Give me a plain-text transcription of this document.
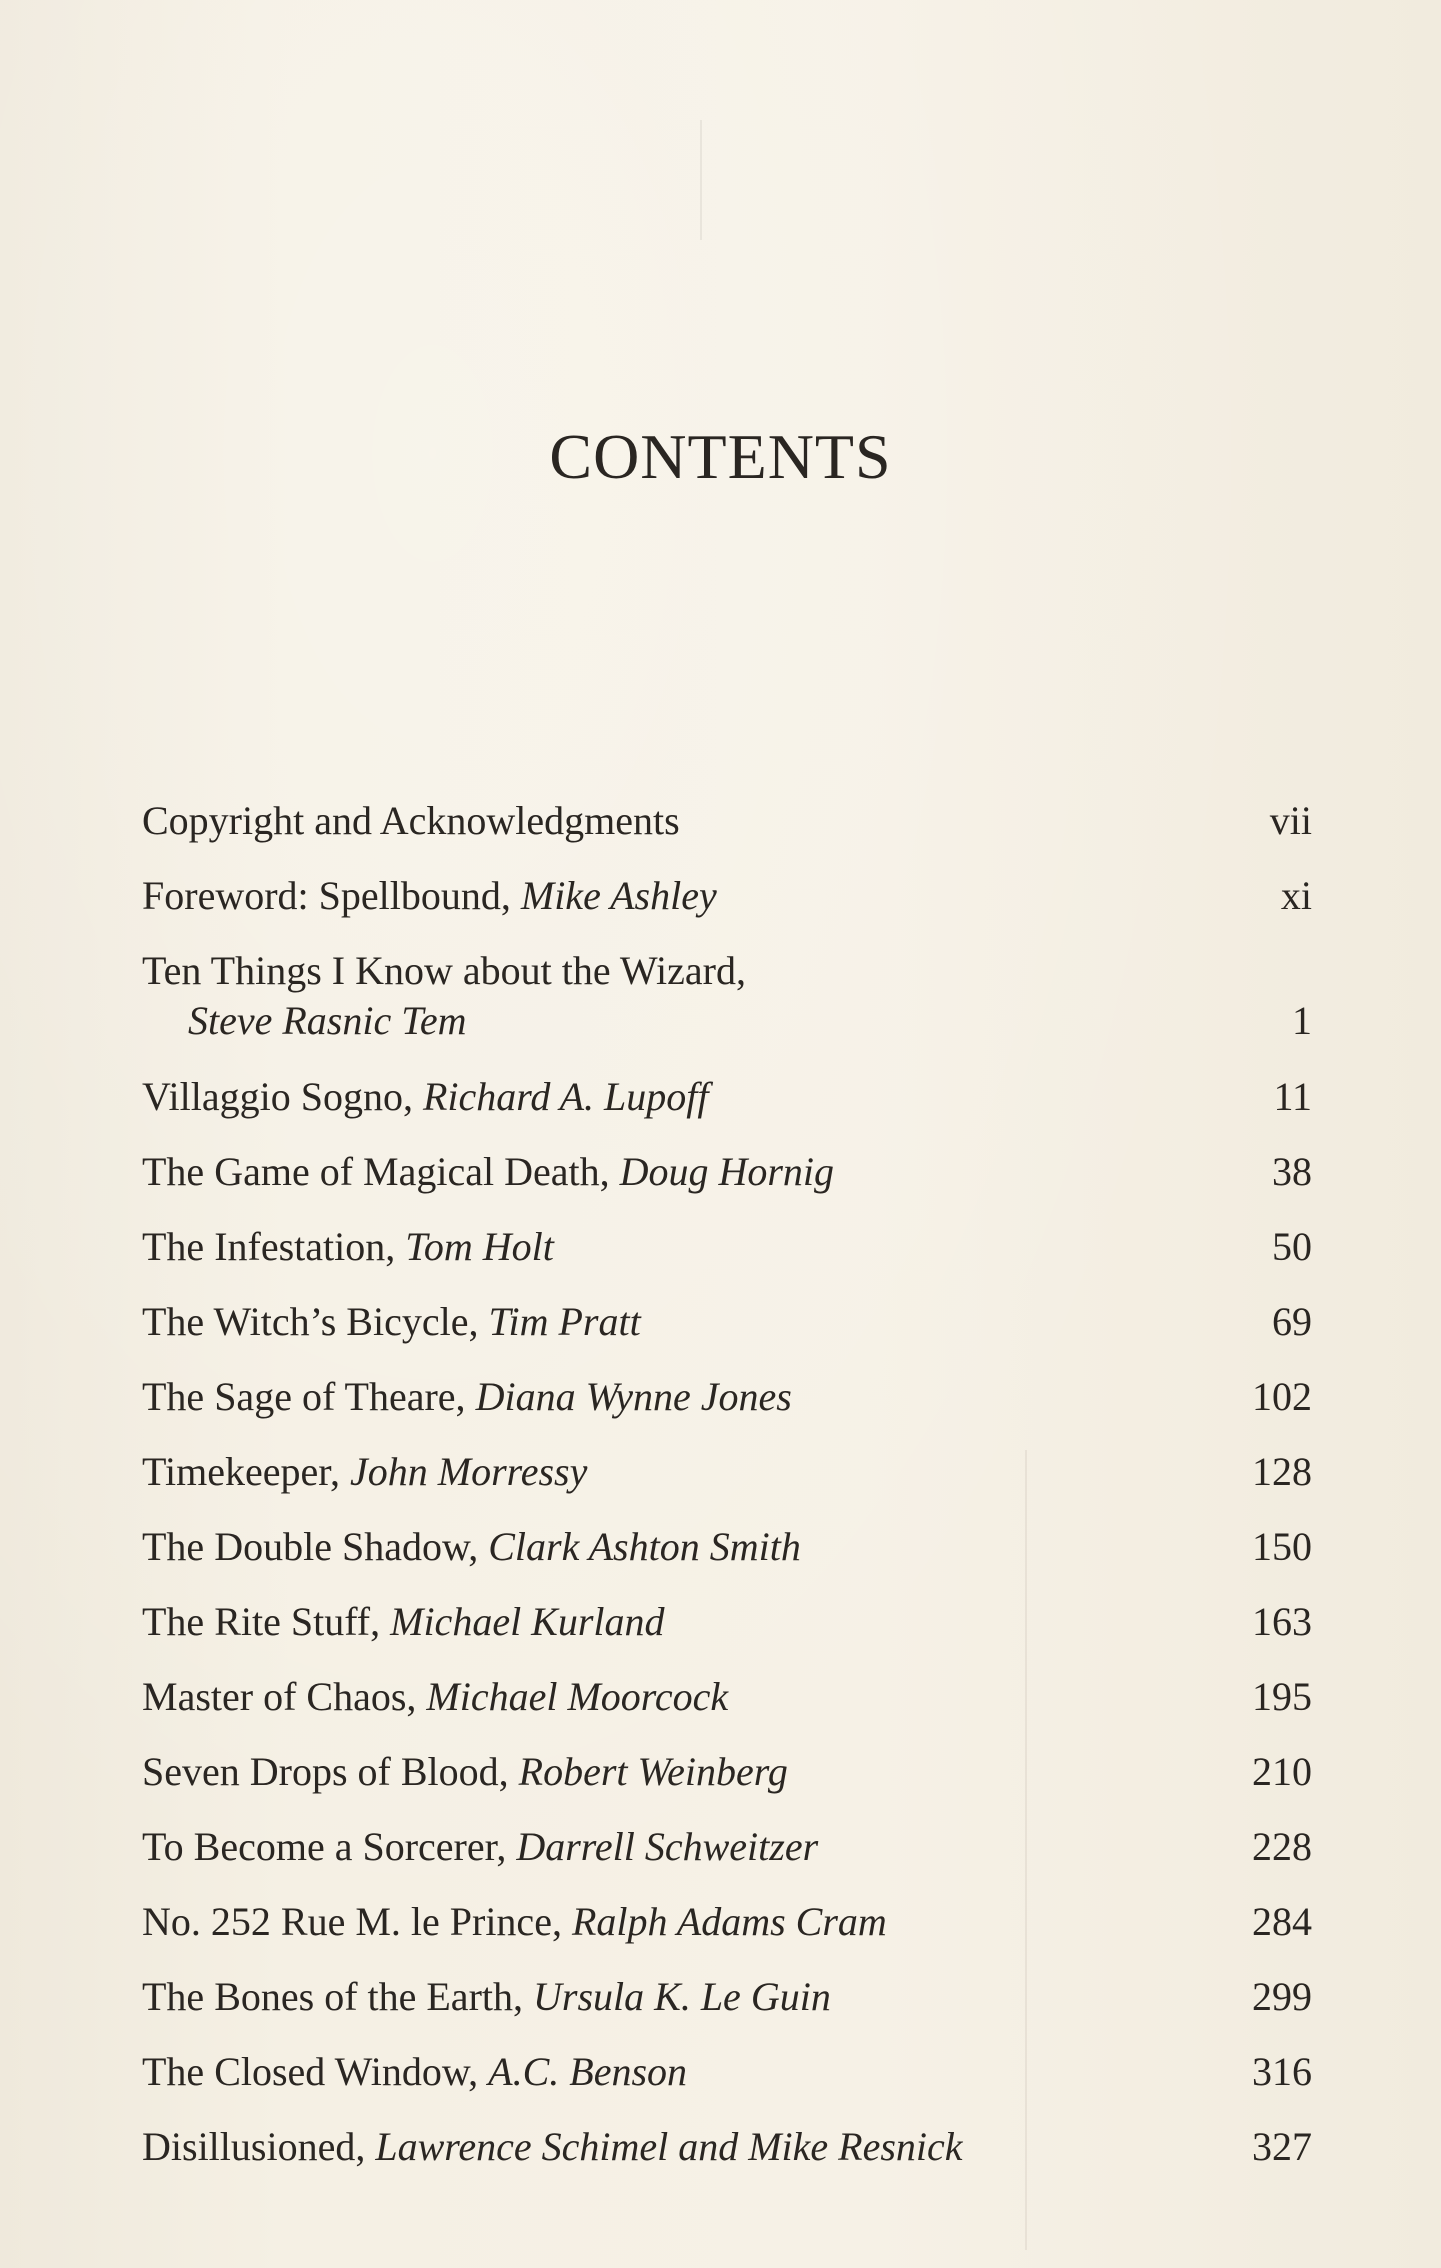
CONTENTS
Copyright and Acknowledgments	vii
Foreword: Spellbound, Mike Ashley	xi
Ten Things I Know about the Wizard,
Steve Rasnic Tem	1
Villaggio Sogno, Richard A. Lupoff	11
The Game of Magical Death, Doug Hornig	38
The Infestation, Tom Holt	50
The Witch’s Bicycle, Tim Pratt	69
The Sage of Theare, Diana Wynne Jones	102
Timekeeper, John Morressy	128
The Double Shadow, Clark Ashton Smith	150
The Rite Stuff, Michael Kurland	163
Master of Chaos, Michael Moorcock	195
Seven Drops of Blood, Robert Weinberg	210
To Become a Sorcerer, Darrell Schweitzer	228
No. 252 Rue M. le Prince, Ralph Adams Cram	284
The Bones of the Earth, Ursula K. Le Guin	299
The Closed Window, A.C. Benson	316
Disillusioned, Lawrence Schimel and Mike Resnick	327
